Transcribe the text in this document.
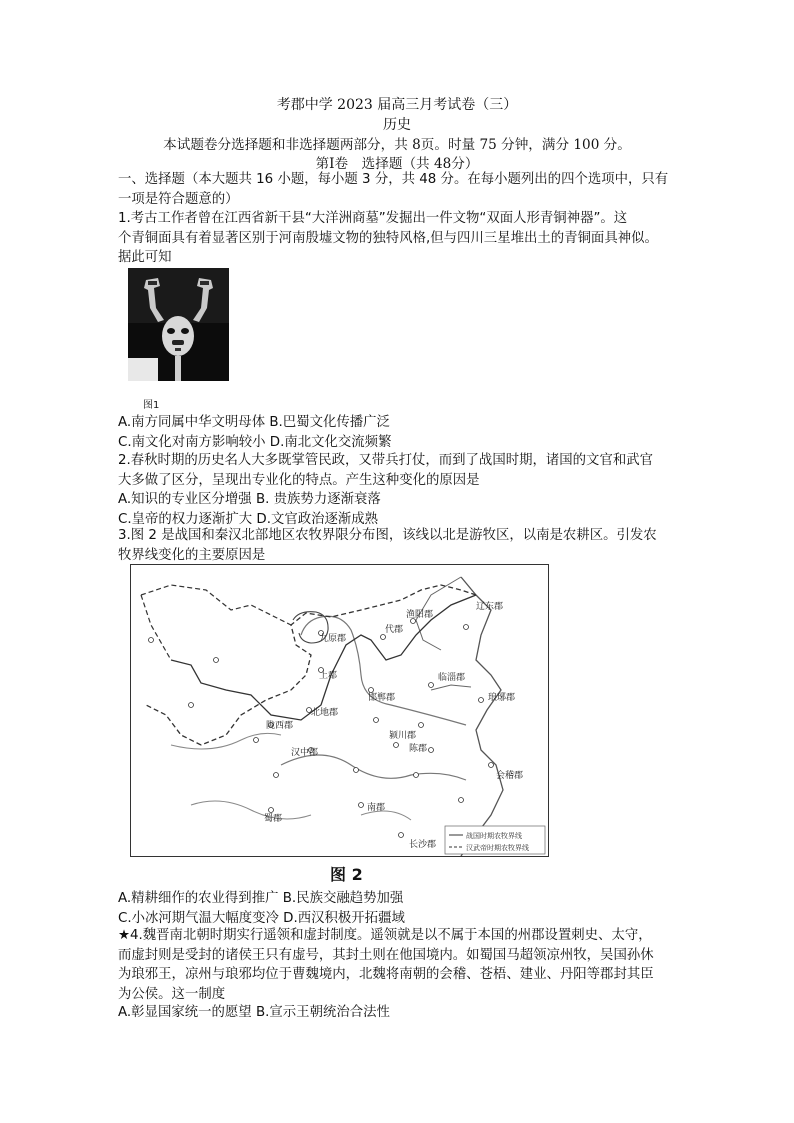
考郡中学 2023 届高三月考试卷（三）
历史
本试题卷分选择题和非选择题两部分，共 8页。时量 75 分钟，满分 100 分。
第Ⅰ卷　选择题（共 48分）
一、选择题（本大题共 16 小题，每小题 3 分，共 48 分。在每小题列出的四个选项中，只有
一项是符合题意的）
1.考古工作者曾在江西省新干县“大洋洲商墓”发掘出一件文物“双面人形青铜神器”。这
个青铜面具有着显著区别于河南殷墟文物的独特风格,但与四川三星堆出土的青铜面具神似。
据此可知
图1
A.南方同属中华文明母体 B.巴蜀文化传播广泛
C.南文化对南方影响较小 D.南北文化交流频繁
2.春秋时期的历史名人大多既掌管民政，又带兵打仗，而到了战国时期，诸国的文官和武官
大多做了区分，呈现出专业化的特点。产生这种变化的原因是
A.知识的专业区分增强 B. 贵族势力逐渐衰落
C.皇帝的权力逐渐扩大 D.文官政治逐渐成熟
3.图 2 是战国和秦汉北部地区农牧界限分布图，该线以北是游牧区，以南是农耕区。引发农
牧界线变化的主要原因是
渔阳郡
辽东郡
九原郡
代郡
上郡	临淄郡
邯郸郡	琅琊郡
北地郡
陇西郡
颍川郡
陈郡
汉中郡
会稽郡
蜀郡
南郡
长沙郡
战国时期农牧界线
汉武帝时期农牧界线
图 2
A.精耕细作的农业得到推广 B.民族交融趋势加强
C.小冰河期气温大幅度变冷 D.西汉积极开拓疆域
★4.魏晋南北朝时期实行遥领和虚封制度。遥领就是以不属于本国的州郡设置刺史、太守，
而虚封则是受封的诸侯王只有虚号，其封土则在他国境内。如蜀国马超领凉州牧，吴国孙休
为琅邪王，凉州与琅邪均位于曹魏境内，北魏将南朝的会稽、苍梧、建业、丹阳等郡封其臣
为公侯。这一制度
A.彰显国家统一的愿望 B.宣示王朝统治合法性
